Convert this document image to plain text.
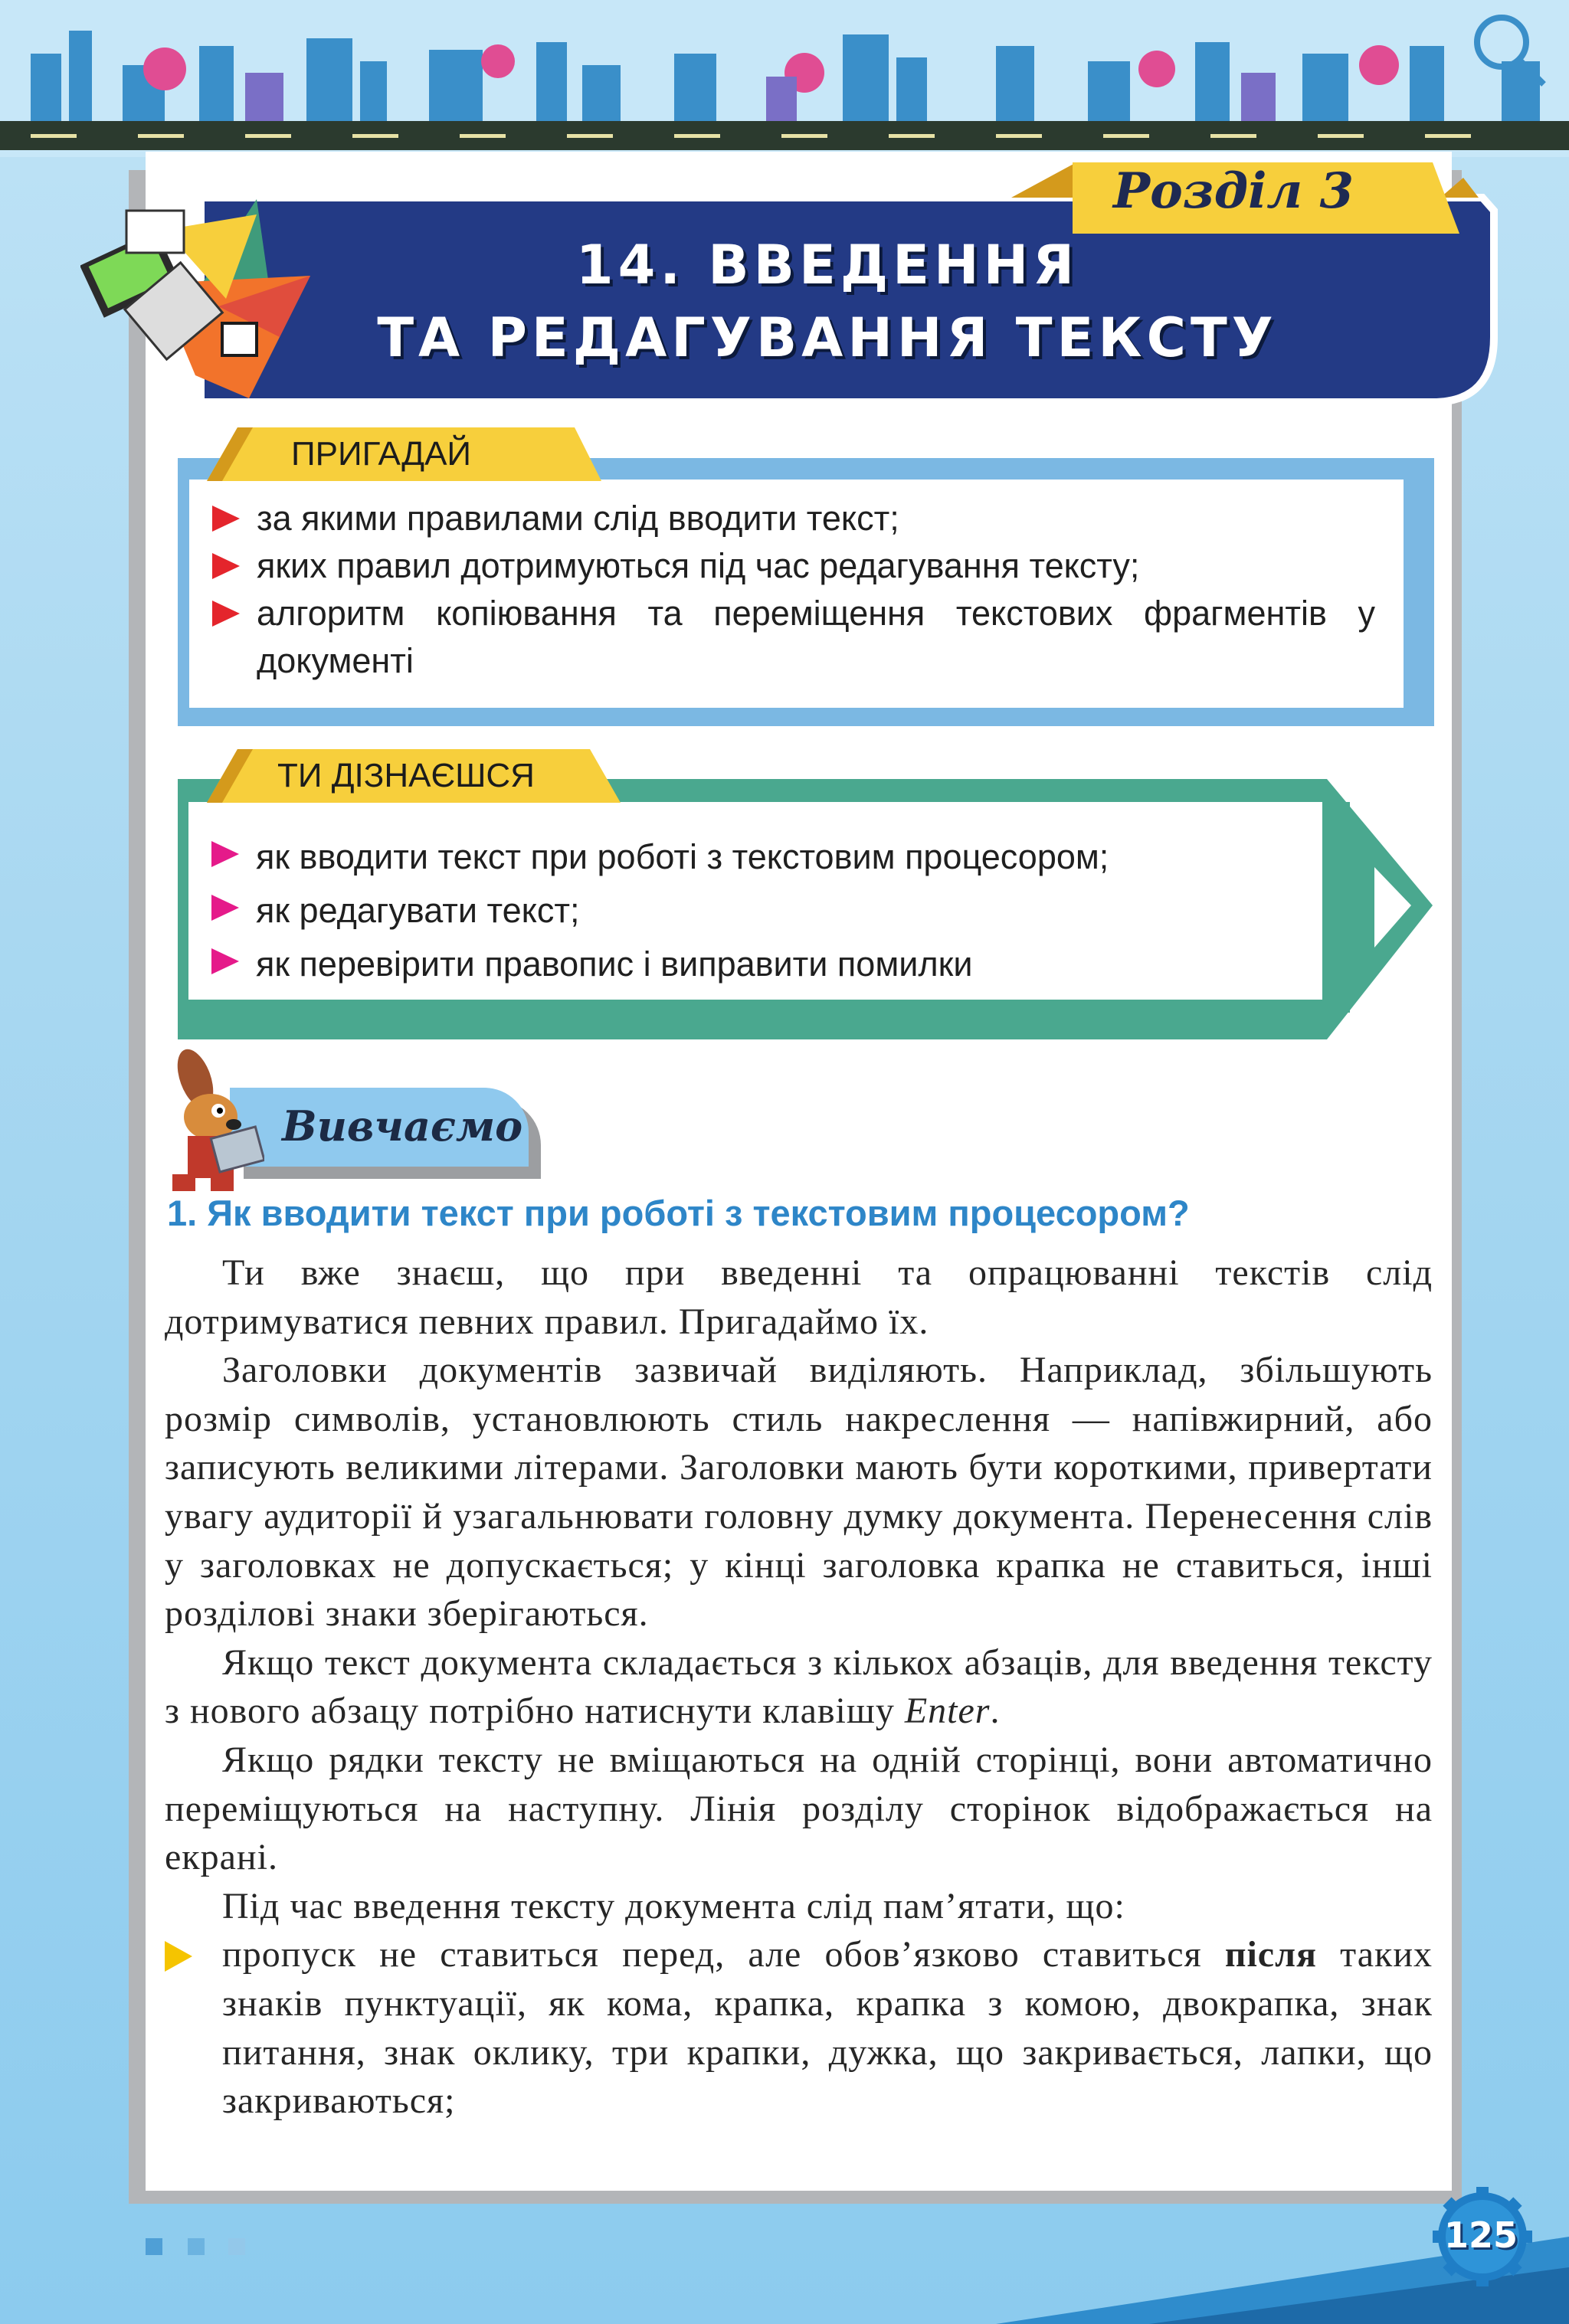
Розділ 3
14. ВВЕДЕННЯ
ТА РЕДАГУВАННЯ ТЕКСТУ
за якими правилами слід вводити текст;
яких правил дотримуються під час редагування тексту;
алгоритм копіювання та переміщення текстових фрагментів у документі
ПРИГАДАЙ
як вводити текст при роботі з текстовим процесором;
як редагувати текст;
як перевірити правопис і виправити помилки
ТИ ДІЗНАЄШСЯ
Вивчаємо
1. Як вводити текст при роботі з текстовим процесором?

Ти вже знаєш, що при введенні та опрацюванні текстів слід дотримуватися певних правил. Пригадаймо їх.

Заголовки документів зазвичай виділяють. Наприклад, збільшують розмір символів, установлюють стиль накреслення — напівжирний, або записують великими літерами. Заголовки мають бути короткими, привертати увагу аудиторії й узагальнювати головну думку документа. Перенесення слів у заголовках не допускається; у кінці заголовка крапка не ставиться, інші розділові знаки зберігаються.

Якщо текст документа складається з кількох абзаців, для введення тексту з нового абзацу потрібно натиснути клавішу Enter.

Якщо рядки тексту не вміщаються на одній сторінці, вони автоматично переміщуються на наступну. Лінія розділу сторінок відображається на екрані.

Під час введення тексту документа слід пам’ятати, що:

пропуск не ставиться перед, але обов’язково ставиться після таких знаків пунктуації, як кома, крапка, крапка з комою, двокрапка, знак питання, знак оклику, три крапки, дужка, що закривається, лапки, що закриваються;
125
